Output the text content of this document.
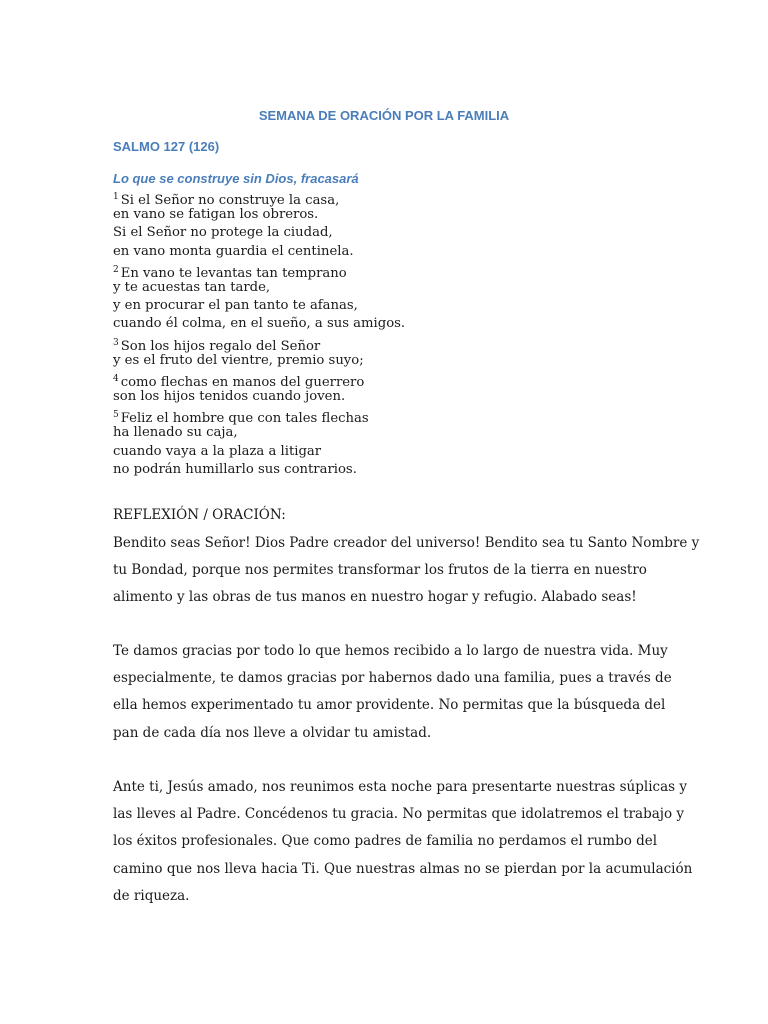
SEMANA DE ORACIÓN POR LA FAMILIA
SALMO 127 (126)
Lo que se construye sin Dios, fracasará
$^1$ Si el Señor no construye la casa,
en vano se fatigan los obreros.
Si el Señor no protege la ciudad,
en vano monta guardia el centinela.
$^2$ En vano te levantas tan temprano
y te acuestas tan tarde,
y en procurar el pan tanto te afanas,
cuando él colma, en el sueño, a sus amigos.
$^3$ Son los hijos regalo del Señor
y es el fruto del vientre, premio suyo;
$^4$ como flechas en manos del guerrero
son los hijos tenidos cuando joven.
$^5$ Feliz el hombre que con tales flechas
ha llenado su caja,
cuando vaya a la plaza a litigar
no podrán humillarlo sus contrarios.
REFLEXIÓN / ORACIÓN:
Bendito seas Señor! Dios Padre creador del universo! Bendito sea tu Santo Nombre y
tu Bondad, porque nos permites transformar los frutos de la tierra en nuestro
alimento y las obras de tus manos en nuestro hogar y refugio. Alabado seas!
Te damos gracias por todo lo que hemos recibido a lo largo de nuestra vida. Muy
especialmente, te damos gracias por habernos dado una familia, pues a través de
ella hemos experimentado tu amor providente. No permitas que la búsqueda del
pan de cada día nos lleve a olvidar tu amistad.
Ante ti, Jesús amado, nos reunimos esta noche para presentarte nuestras súplicas y
las lleves al Padre. Concédenos tu gracia. No permitas que idolatremos el trabajo y
los éxitos profesionales. Que como padres de familia no perdamos el rumbo del
camino que nos lleva hacia Ti. Que nuestras almas no se pierdan por la acumulación
de riqueza.
